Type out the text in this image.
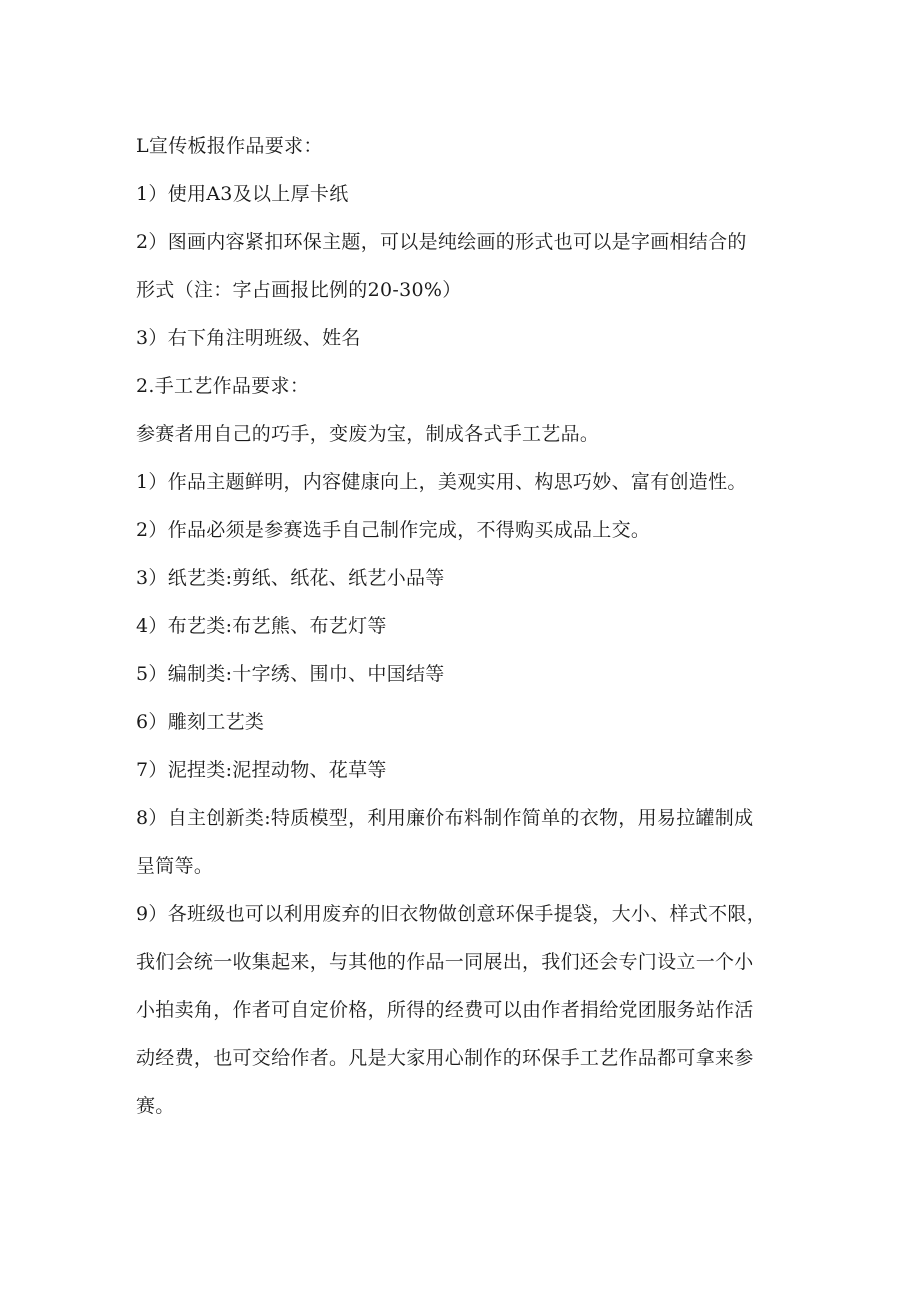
L宣传板报作品要求：
1）使用A3及以上厚卡纸
2）图画内容紧扣环保主题，可以是纯绘画的形式也可以是字画相结合的
形式（注：字占画报比例的20-30%）
3）右下角注明班级、姓名
2.手工艺作品要求：
参赛者用自己的巧手，变废为宝，制成各式手工艺品。
1）作品主题鲜明，内容健康向上，美观实用、构思巧妙、富有创造性。
2）作品必须是参赛选手自己制作完成，不得购买成品上交。
3）纸艺类:剪纸、纸花、纸艺小品等
4）布艺类:布艺熊、布艺灯等
5）编制类:十字绣、围巾、中国结等
6）雕刻工艺类
7）泥捏类:泥捏动物、花草等
8）自主创新类:特质模型，利用廉价布料制作简单的衣物，用易拉罐制成
呈筒等。
9）各班级也可以利用废弃的旧衣物做创意环保手提袋，大小、样式不限，
我们会统一收集起来，与其他的作品一同展出，我们还会专门设立一个小
小拍卖角，作者可自定价格，所得的经费可以由作者捐给党团服务站作活
动经费，也可交给作者。凡是大家用心制作的环保手工艺作品都可拿来参
赛。
